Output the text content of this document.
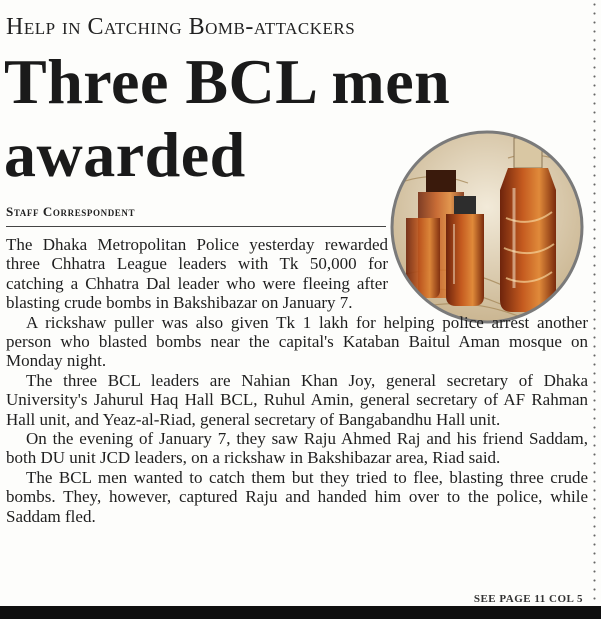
Help in Catching Bomb-attackers
Three BCL men awarded
Staff Correspondent

The Dhaka Metropolitan Police yesterday rewarded three Chhatra League leaders with Tk 50,000 for catching a Chhatra Dal leader who were fleeing after blasting crude bombs in Bakshibazar on January 7.

A rickshaw puller was also given Tk 1 lakh for helping police arrest another person who blasted bombs near the capital's Kataban Baitul Aman mosque on Monday night.

The three BCL leaders are Nahian Khan Joy, general secretary of Dhaka University's Jahurul Haq Hall BCL, Ruhul Amin, general secretary of AF Rahman Hall unit, and Yeaz-al-Riad, general secretary of Bangabandhu Hall unit.

On the evening of January 7, they saw Raju Ahmed Raj and his friend Saddam, both DU unit JCD leaders, on a rickshaw in Bakshibazar area, Riad said.

The BCL men wanted to catch them but they tried to flee, blasting three crude bombs. They, however, captured Raju and handed him over to the police, while Saddam fled.

SEE PAGE 11 COL 5
